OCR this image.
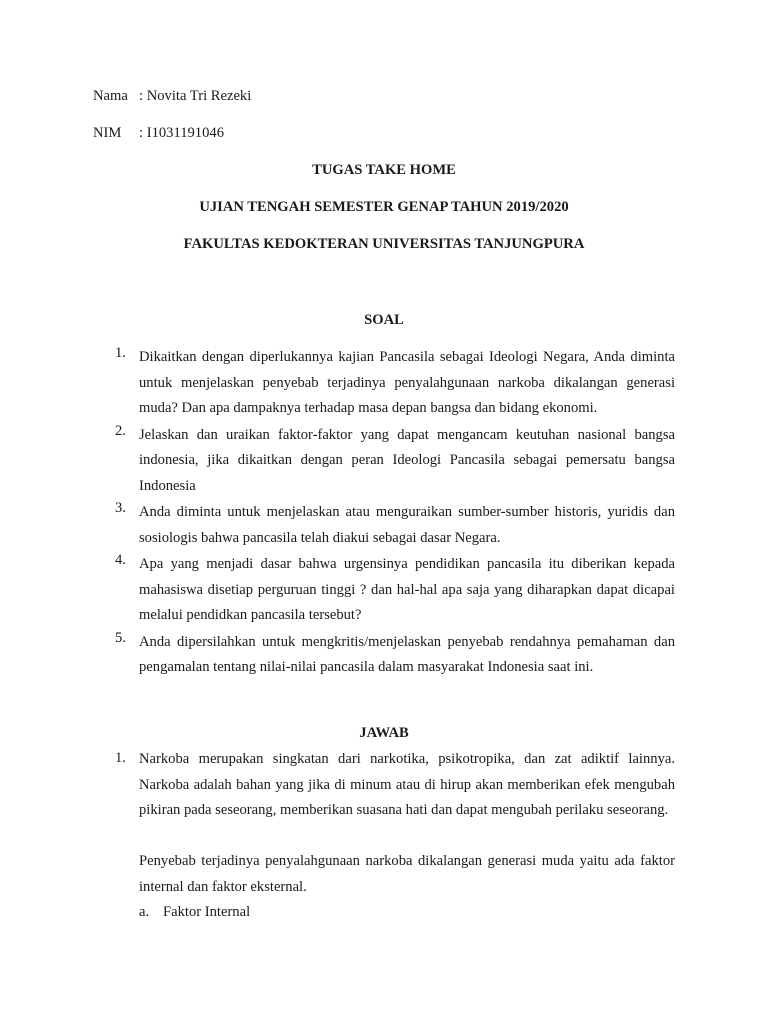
Nama : Novita Tri Rezeki
NIM : I1031191046
TUGAS TAKE HOME
UJIAN TENGAH SEMESTER GENAP TAHUN 2019/2020
FAKULTAS KEDOKTERAN UNIVERSITAS TANJUNGPURA
SOAL
1. Dikaitkan dengan diperlukannya kajian Pancasila sebagai Ideologi Negara, Anda diminta untuk menjelaskan penyebab terjadinya penyalahgunaan narkoba dikalangan generasi muda? Dan apa dampaknya terhadap masa depan bangsa dan bidang ekonomi.
2. Jelaskan dan uraikan faktor-faktor yang dapat mengancam keutuhan nasional bangsa indonesia, jika dikaitkan dengan peran Ideologi Pancasila sebagai pemersatu bangsa Indonesia
3. Anda diminta untuk menjelaskan atau menguraikan sumber-sumber historis, yuridis dan sosiologis bahwa pancasila telah diakui sebagai dasar Negara.
4. Apa yang menjadi dasar bahwa urgensinya pendidikan pancasila itu diberikan kepada mahasiswa disetiap perguruan tinggi ? dan hal-hal apa saja yang diharapkan dapat dicapai melalui pendidkan pancasila tersebut?
5. Anda dipersilahkan untuk mengkritis/menjelaskan penyebab rendahnya pemahaman dan pengamalan tentang nilai-nilai pancasila dalam masyarakat Indonesia saat ini.
JAWAB
1. Narkoba merupakan singkatan dari narkotika, psikotropika, dan zat adiktif lainnya. Narkoba adalah bahan yang jika di minum atau di hirup akan memberikan efek mengubah pikiran pada seseorang, memberikan suasana hati dan dapat mengubah perilaku seseorang.
Penyebab terjadinya penyalahgunaan narkoba dikalangan generasi muda yaitu ada faktor internal dan faktor eksternal.
a. Faktor Internal
